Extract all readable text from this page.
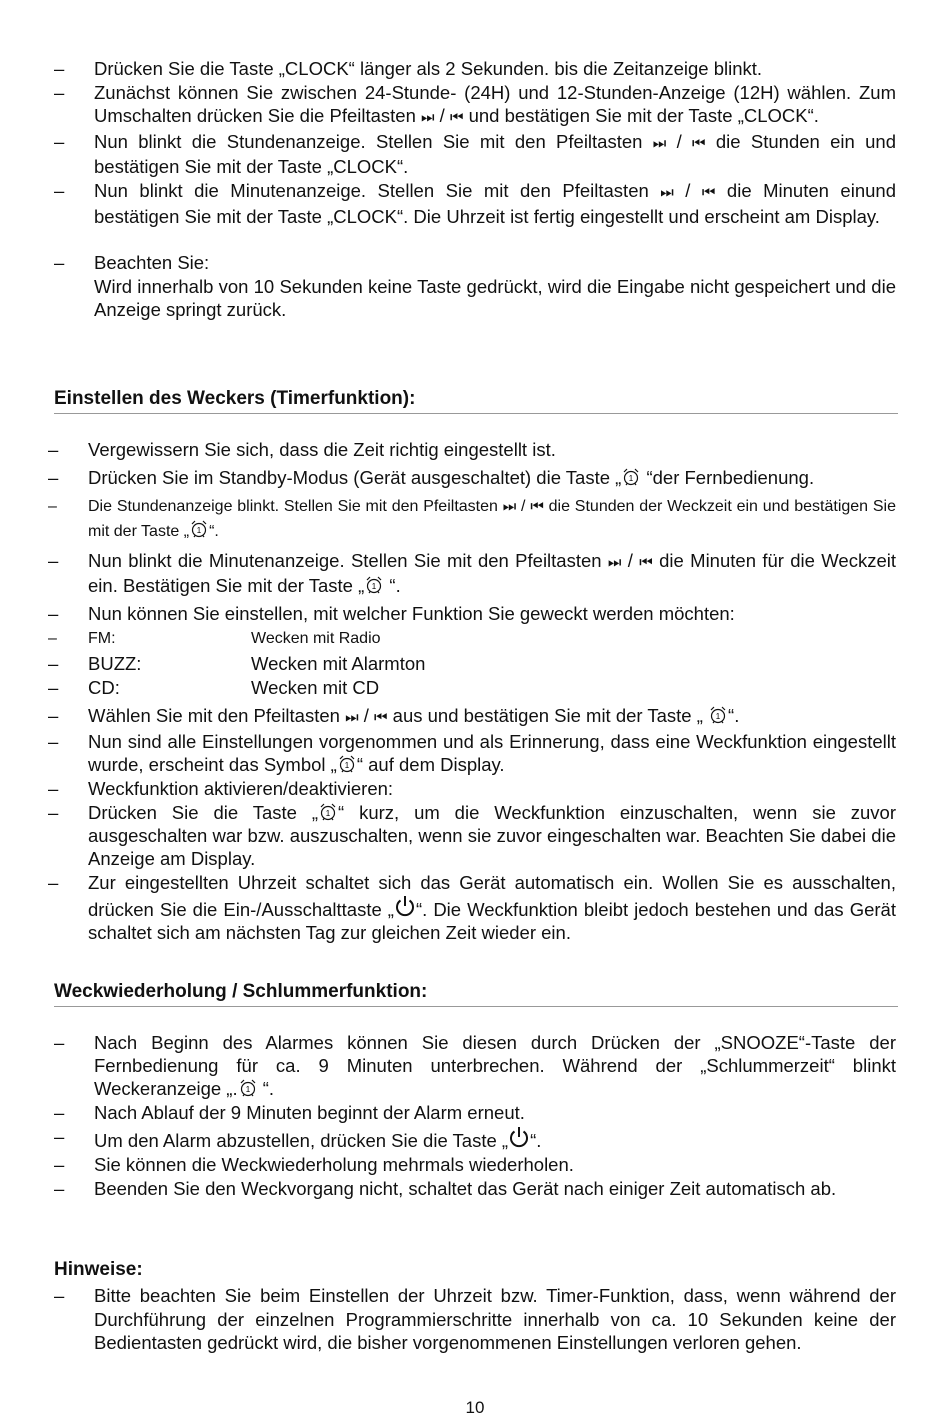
– Drücken Sie die Taste „CLOCK“ länger als 2 Sekunden. bis die Zeitanzeige blinkt.
– Zunächst können Sie zwischen 24-Stunde- (24H) und 12-Stunden-Anzeige (12H) wählen. Zum Umschalten drücken Sie die Pfeiltasten ⏭ / ⏮ und bestätigen Sie mit der Taste „CLOCK“.
– Nun blinkt die Stundenanzeige. Stellen Sie mit den Pfeiltasten ⏭ / ⏮ die Stunden ein und bestätigen Sie mit der Taste „CLOCK“.
– Nun blinkt die Minutenanzeige. Stellen Sie mit den Pfeiltasten ⏭ / ⏮ die Minuten einund bestätigen Sie mit der Taste „CLOCK“. Die Uhrzeit ist fertig eingestellt und erscheint am Display.
– Beachten Sie:
Wird innerhalb von 10 Sekunden keine Taste gedrückt, wird die Eingabe nicht gespeichert und die Anzeige springt zurück.
Einstellen des Weckers (Timerfunktion):
– Vergewissern Sie sich, dass die Zeit richtig eingestellt ist.
– Drücken Sie im Standby-Modus (Gerät ausgeschaltet) die Taste „ 1 “der Fernbedienung.
– Die Stundenanzeige blinkt. Stellen Sie mit den Pfeiltasten ⏭ / ⏮ die Stunden der Weckzeit ein und bestätigen Sie mit der Taste „ 1 “.
– Nun blinkt die Minutenanzeige. Stellen Sie mit den Pfeiltasten ⏭ / ⏮ die Minuten für die Weckzeit ein. Bestätigen Sie mit der Taste „ 1 “.
– Nun können Sie einstellen, mit welcher Funktion Sie geweckt werden möchten:
– FM:	Wecken mit Radio
– BUZZ:	Wecken mit Alarmton
– CD:	Wecken mit CD
– Wählen Sie mit den Pfeiltasten ⏭ / ⏮ aus und bestätigen Sie mit der Taste „ 1 “.
– Nun sind alle Einstellungen vorgenommen und als Erinnerung, dass eine Weckfunktion eingestellt wurde, erscheint das Symbol „ 1 “ auf dem Display.
– Weckfunktion aktivieren/deaktivieren:
– Drücken Sie die Taste „ 1 “ kurz, um die Weckfunktion einzuschalten, wenn sie zuvor ausgeschalten war bzw. auszuschalten, wenn sie zuvor eingeschalten war. Beachten Sie dabei die Anzeige am Display.
– Zur eingestellten Uhrzeit schaltet sich das Gerät automatisch ein. Wollen Sie es ausschalten, drücken Sie die Ein-/Ausschalttaste „ “. Die Weckfunktion bleibt jedoch bestehen und das Gerät schaltet sich am nächsten Tag zur gleichen Zeit wieder ein.
Weckwiederholung / Schlummerfunktion:
– Nach Beginn des Alarmes können Sie diesen durch Drücken der „SNOOZE“-Taste der Fernbedienung für ca. 9 Minuten unterbrechen. Während der „Schlummerzeit“ blinkt Weckeranzeige „. 1 “.
– Nach Ablauf der 9 Minuten beginnt der Alarm erneut.
– Um den Alarm abzustellen, drücken Sie die Taste „ “.
– Sie können die Weckwiederholung mehrmals wiederholen.
– Beenden Sie den Weckvorgang nicht, schaltet das Gerät nach einiger Zeit automatisch ab.
Hinweise:
– Bitte beachten Sie beim Einstellen der Uhrzeit bzw. Timer-Funktion, dass, wenn während der Durchführung der einzelnen Programmierschritte innerhalb von ca. 10 Sekunden keine der Bedientasten gedrückt wird, die bisher vorgenommenen Einstellungen verloren gehen.
10
